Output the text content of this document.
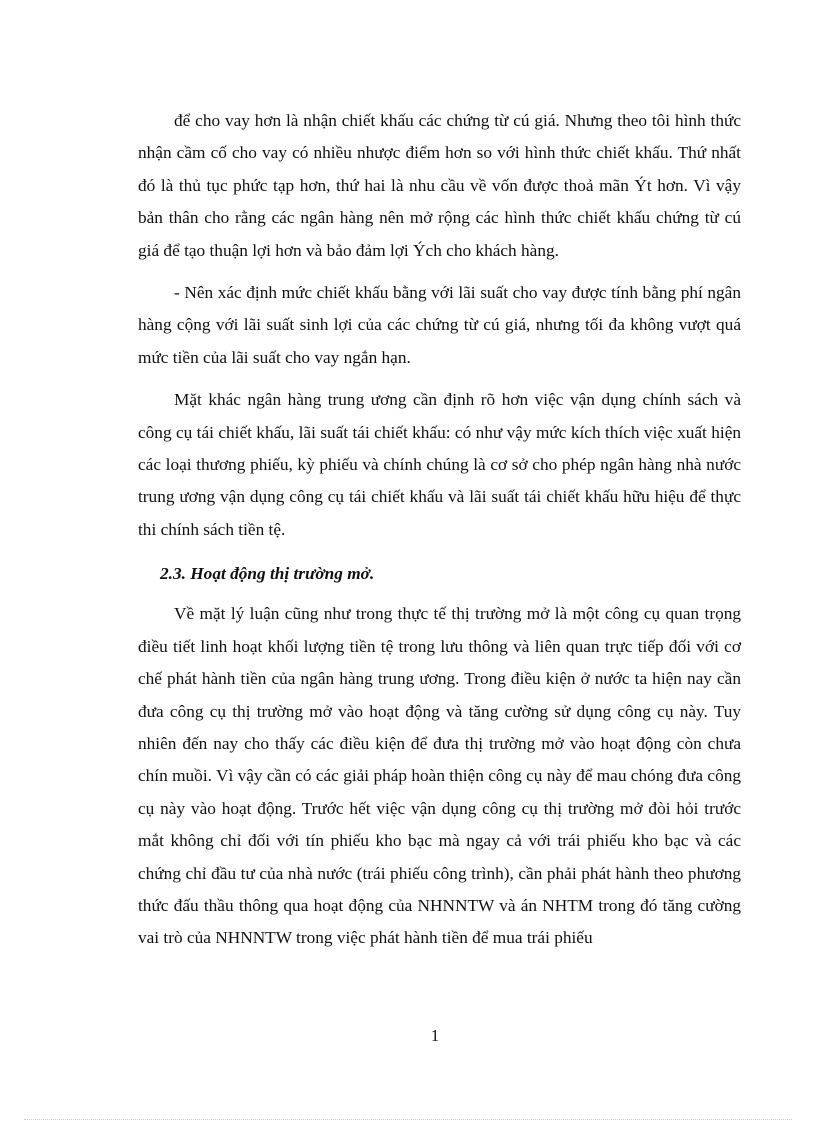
để cho vay hơn là nhận chiết khấu các chứng từ cú giá. Nhưng theo tôi hình thức nhận cầm cố cho vay có nhiều nhược điểm hơn so với hình thức chiết khấu. Thứ nhất đó là thủ tục phức tạp hơn, thứ hai là nhu cầu về vốn được thoả mãn Ýt hơn. Vì vậy bản thân cho rằng các ngân hàng nên mở rộng các hình thức chiết khấu chứng từ cú giá để tạo thuận lợi hơn và bảo đảm lợi Ých cho khách hàng.

- Nên xác định mức chiết khấu bằng với lãi suất cho vay được tính bằng phí ngân hàng cộng với lãi suất sinh lợi của các chứng từ cú giá, nhưng tối đa không vượt quá mức tiền của lãi suất cho vay ngắn hạn.

Mặt khác ngân hàng trung ương cần định rõ hơn việc vận dụng chính sách và công cụ tái chiết khấu, lãi suất tái chiết khấu: có như vậy mức kích thích việc xuất hiện các loại thương phiếu, kỳ phiếu và chính chúng là cơ sở cho phép ngân hàng nhà nước trung ương vận dụng công cụ tái chiết khấu và lãi suất tái chiết khấu hữu hiệu để thực thi chính sách tiền tệ.

2.3. Hoạt động thị trường mở.

Về mặt lý luận cũng như trong thực tế thị trường mở là một công cụ quan trọng điều tiết linh hoạt khối lượng tiền tệ trong lưu thông và liên quan trực tiếp đối với cơ chế phát hành tiền của ngân hàng trung ương. Trong điều kiện ở nước ta hiện nay cần đưa công cụ thị trường mở vào hoạt động và tăng cường sử dụng công cụ này. Tuy nhiên đến nay cho thấy các điều kiện để đưa thị trường mở vào hoạt động còn chưa chín muồi. Vì vậy cần có các giải pháp hoàn thiện công cụ này để mau chóng đưa công cụ này vào hoạt động. Trước hết việc vận dụng công cụ thị trường mở đòi hỏi trước mắt không chỉ đối với tín phiếu kho bạc mà ngay cả với trái phiếu kho bạc và các chứng chỉ đầu tư của nhà nước (trái phiếu công trình), cần phải phát hành theo phương thức đấu thầu thông qua hoạt động của NHNNTW và án NHTM trong đó tăng cường vai trò của NHNNTW trong việc phát hành tiền để mua trái phiếu

1
